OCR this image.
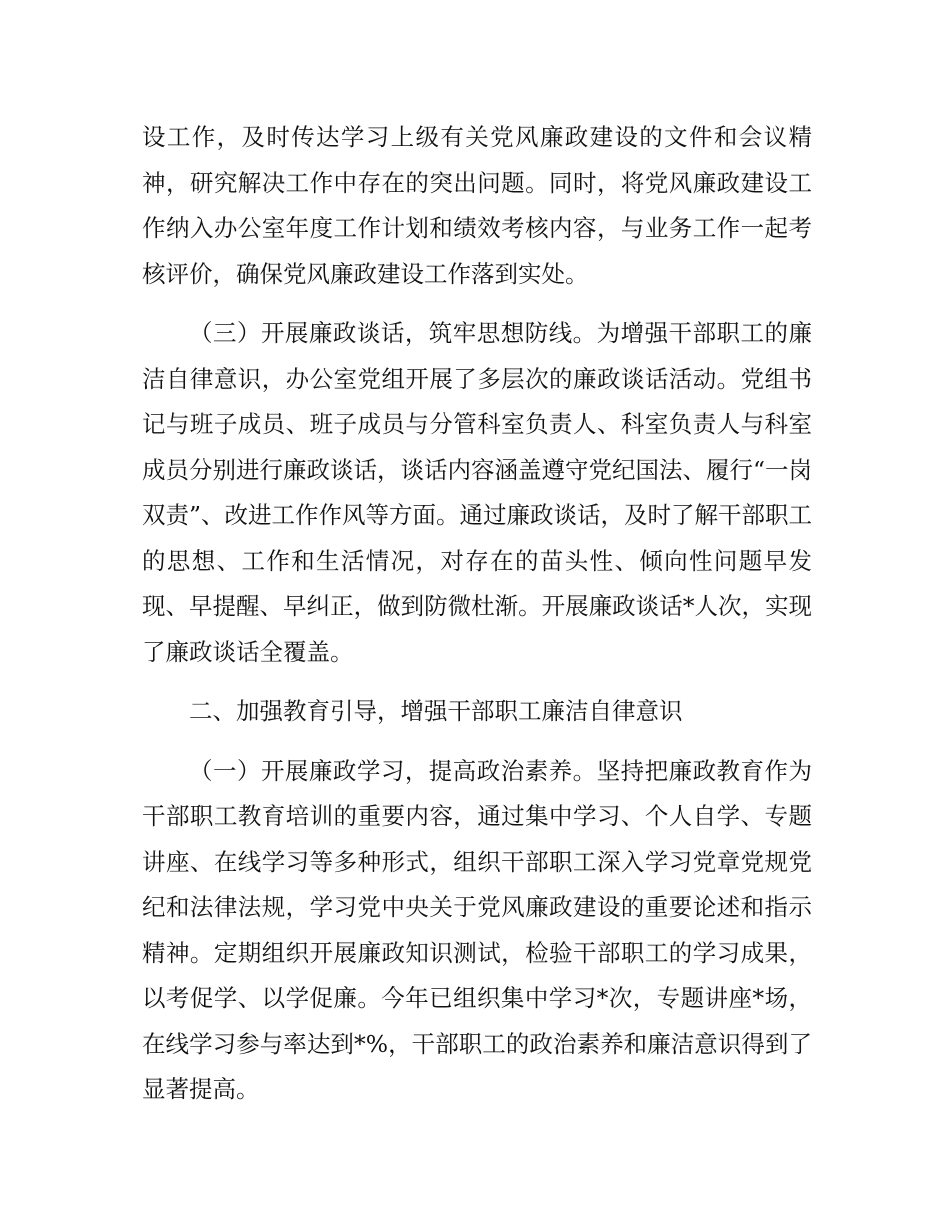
设工作，及时传达学习上级有关党风廉政建设的文件和会议精神，研究解决工作中存在的突出问题。同时，将党风廉政建设工作纳入办公室年度工作计划和绩效考核内容，与业务工作一起考核评价，确保党风廉政建设工作落到实处。

（三）开展廉政谈话，筑牢思想防线。为增强干部职工的廉洁自律意识，办公室党组开展了多层次的廉政谈话活动。党组书记与班子成员、班子成员与分管科室负责人、科室负责人与科室成员分别进行廉政谈话，谈话内容涵盖遵守党纪国法、履行“一岗双责”、改进工作作风等方面。通过廉政谈话，及时了解干部职工的思想、工作和生活情况，对存在的苗头性、倾向性问题早发现、早提醒、早纠正，做到防微杜渐。开展廉政谈话*人次，实现了廉政谈话全覆盖。

二、加强教育引导，增强干部职工廉洁自律意识

（一）开展廉政学习，提高政治素养。坚持把廉政教育作为干部职工教育培训的重要内容，通过集中学习、个人自学、专题讲座、在线学习等多种形式，组织干部职工深入学习党章党规党纪和法律法规，学习党中央关于党风廉政建设的重要论述和指示精神。定期组织开展廉政知识测试，检验干部职工的学习成果，以考促学、以学促廉。今年已组织集中学习*次，专题讲座*场，在线学习参与率达到*%，干部职工的政治素养和廉洁意识得到了显著提高。
